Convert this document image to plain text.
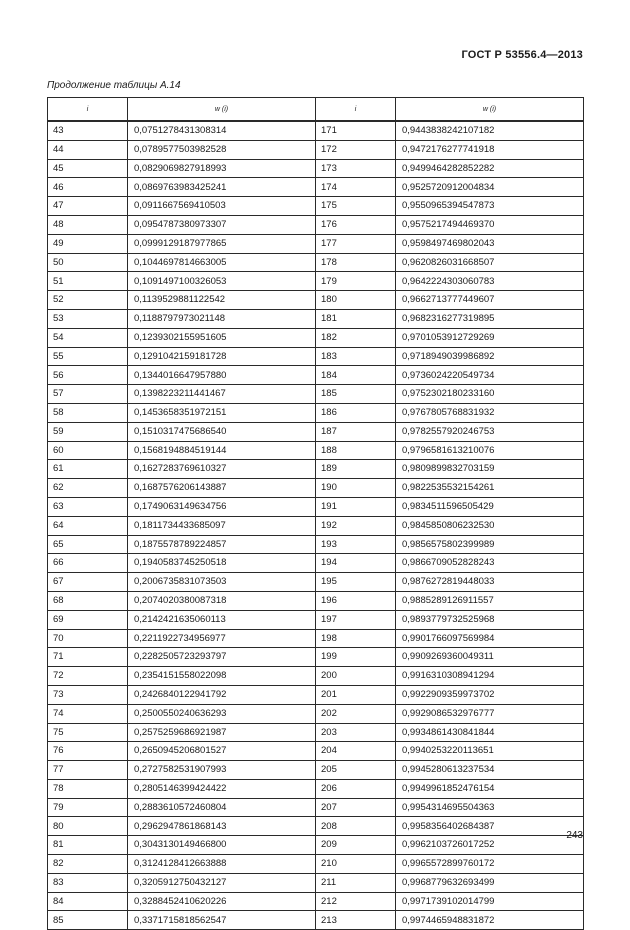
ГОСТ Р 53556.4—2013
Продолжение таблицы А.14
i	w (i)	i	w (i)
43	0,0751278431308314	171	0,9443838242107182
44	0,0789577503982528	172	0,9472176277741918
45	0,0829069827918993	173	0,9499464282852282
46	0,0869763983425241	174	0,9525720912004834
47	0,0911667569410503	175	0,9550965394547873
48	0,0954787380973307	176	0,9575217494469370
49	0,0999129187977865	177	0,9598497469802043
50	0,1044697814663005	178	0,9620826031668507
51	0,1091497100326053	179	0,9642224303060783
52	0,1139529881122542	180	0,9662713777449607
53	0,1188797973021148	181	0,9682316277319895
54	0,1239302155951605	182	0,9701053912729269
55	0,1291042159181728	183	0,9718949039986892
56	0,1344016647957880	184	0,9736024220549734
57	0,1398223211441467	185	0,9752302180233160
58	0,1453658351972151	186	0,9767805768831932
59	0,1510317475686540	187	0,9782557920246753
60	0,1568194884519144	188	0,9796581613210076
61	0,1627283769610327	189	0,9809899832703159
62	0,1687576206143887	190	0,9822535532154261
63	0,1749063149634756	191	0,9834511596505429
64	0,1811734433685097	192	0,9845850806232530
65	0,1875578789224857	193	0,9856575802399989
66	0,1940583745250518	194	0,9866709052828243
67	0,2006735831073503	195	0,9876272819448033
68	0,2074020380087318	196	0,9885289126911557
69	0,2142421635060113	197	0,9893779732525968
70	0,2211922734956977	198	0,9901766097569984
71	0,2282505723293797	199	0,9909269360049311
72	0,2354151558022098	200	0,9916310308941294
73	0,2426840122941792	201	0,9922909359973702
74	0,2500550240636293	202	0,9929086532976777
75	0,2575259686921987	203	0,9934861430841844
76	0,2650945206801527	204	0,9940253220113651
77	0,2727582531907993	205	0,9945280613237534
78	0,2805146399424422	206	0,9949961852476154
79	0,2883610572460804	207	0,9954314695504363
80	0,2962947861868143	208	0,9958356402684387
81	0,3043130149466800	209	0,9962103726017252
82	0,3124128412663888	210	0,9965572899760172
83	0,3205912750432127	211	0,9968779632693499
84	0,3288452410620226	212	0,9971739102014799
85	0,3371715818562547	213	0,9974465948831872
243
